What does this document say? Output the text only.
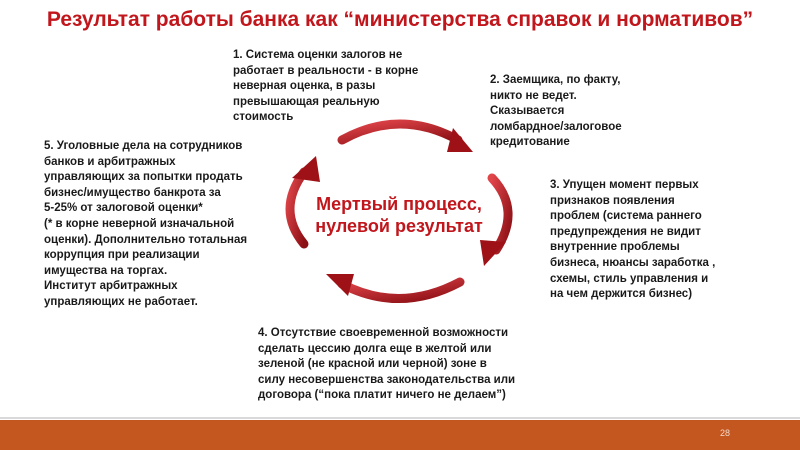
Результат работы банка как “министерства справок и нормативов”

1. Система оценки залогов не

работает в реальности - в корне

неверная оценка, в разы

превышающая реальную

стоимость

2. Заемщика, по факту,

никто не ведет.

Сказывается

ломбардное/залоговое

кредитование

3. Упущен момент первых

признаков появления

проблем (система раннего

предупреждения не видит

внутренние проблемы

бизнеса, нюансы заработка ,

схемы, стиль управления и

на чем держится бизнес)

4. Отсутствие своевременной возможности

сделать цессию долга еще в желтой или

зеленой (не красной или черной) зоне в

силу несовершенства законодательства или

договора (“пока платит ничего не делаем”)

5. Уголовные дела на сотрудников

банков и арбитражных

управляющих за попытки продать

бизнес/имущество банкрота за

5-25% от залоговой оценки*

(* в корне неверной изначальной

оценки). Дополнительно тотальная

коррупция при реализации

имущества на торгах.

Институт арбитражных

управляющих не работает.

Мертвый процесс,
нулевой результат
28
